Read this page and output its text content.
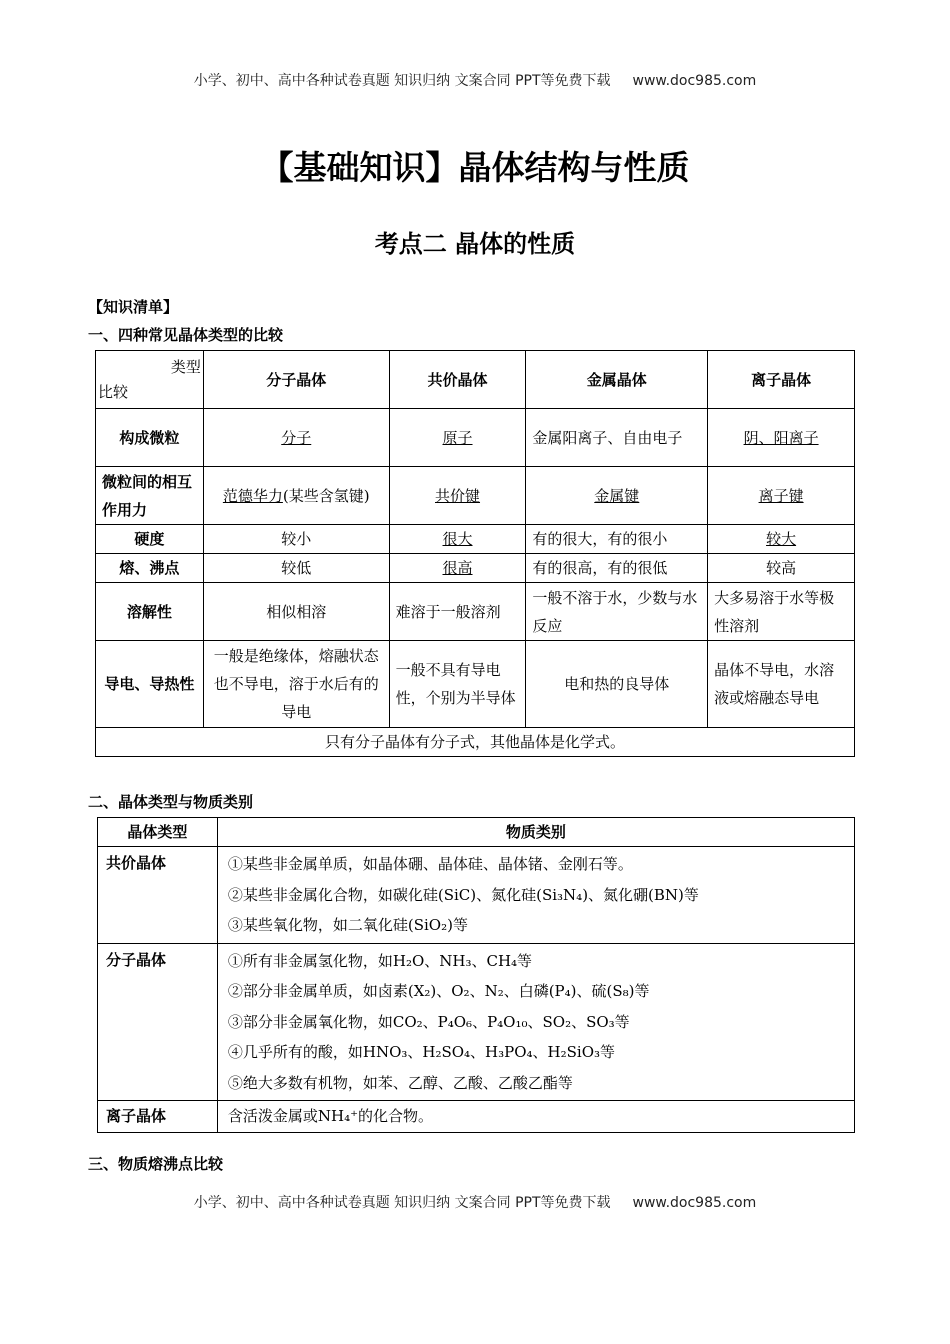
小学、初中、高中各种试卷真题 知识归纳 文案合同 PPT等免费下载 www.doc985.com
【基础知识】晶体结构与性质
考点二 晶体的性质
【知识清单】
一、四种常见晶体类型的比较
类型
比较	分子晶体	共价晶体	金属晶体	离子晶体
构成微粒	分子	原子	金属阳离子、自由电子	阴、阳离子
微粒间的相互作用力	范德华力(某些含氢键)	共价键	金属键	离子键
硬度	较小	很大	有的很大，有的很小	较大
熔、沸点	较低	很高	有的很高，有的很低	较高
溶解性	相似相溶	难溶于一般溶剂	一般不溶于水，少数与水反应	大多易溶于水等极性溶剂
导电、导热性	一般是绝缘体，熔融状态也不导电，溶于水后有的导电	一般不具有导电性，个别为半导体	电和热的良导体	晶体不导电，水溶液或熔融态导电
只有分子晶体有分子式，其他晶体是化学式。				
二、晶体类型与物质类别
晶体类型	物质类别
共价晶体	①某些非金属单质，如晶体硼、晶体硅、晶体锗、金刚石等。
②某些非金属化合物，如碳化硅(SiC)、氮化硅(Si₃N₄)、氮化硼(BN)等
③某些氧化物，如二氧化硅(SiO₂)等

分子晶体	①所有非金属氢化物，如H₂O、NH₃、CH₄等
②部分非金属单质，如卤素(X₂)、O₂、N₂、白磷(P₄)、硫(S₈)等
③部分非金属氧化物，如CO₂、P₄O₆、P₄O₁₀、SO₂、SO₃等
④几乎所有的酸，如HNO₃、H₂SO₄、H₃PO₄、H₂SiO₃等
⑤绝大多数有机物，如苯、乙醇、乙酸、乙酸乙酯等

离子晶体	含活泼金属或NH₄⁺的化合物。
三、物质熔沸点比较
小学、初中、高中各种试卷真题 知识归纳 文案合同 PPT等免费下载 www.doc985.com
